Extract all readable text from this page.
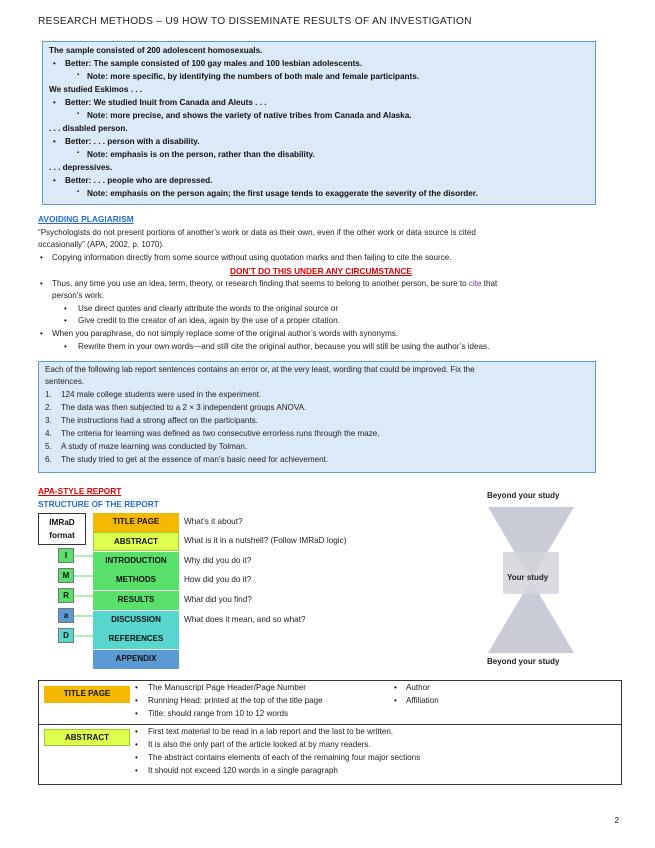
RESEARCH METHODS – U9 HOW TO DISSEMINATE RESULTS OF AN INVESTIGATION
The sample consisted of 200 adolescent homosexuals.
• Better: The sample consisted of 100 gay males and 100 lesbian adolescents.
▪ Note: more specific, by identifying the numbers of both male and female participants.
We studied Eskimos . . .
• Better: We studied Inuit from Canada and Aleuts . . .
▪ Note: more precise, and shows the variety of native tribes from Canada and Alaska.
. . . disabled person.
• Better: . . . person with a disability.
▪ Note: emphasis is on the person, rather than the disability.
. . . depressives.
• Better: . . . people who are depressed.
▪ Note: emphasis on the person again; the first usage tends to exaggerate the severity of the disorder.
AVOIDING PLAGIARISM
“Psychologists do not present portions of another’s work or data as their own, even if the other work or data source is cited
occasionally” (APA, 2002, p. 1070).
• Copying information directly from some source without using quotation marks and then failing to cite the source.
DON’T DO THIS UNDER ANY CIRCUMSTANCE
• Thus, any time you use an idea, term, theory, or research finding that seems to belong to another person, be sure to cite that
person’s work.
• Use direct quotes and clearly attribute the words to the original source or
• Give credit to the creator of an idea, again by the use of a proper citation.
• When you paraphrase, do not simply replace some of the original author’s words with synonyms.
• Rewrite them in your own words—and still cite the original author, because you will still be using the author’s ideas.
Each of the following lab report sentences contains an error or, at the very least, wording that could be improved. Fix the
sentences.
1. 124 male college students were used in the experiment.
2. The data was then subjected to a 2 × 3 independent groups ANOVA.
3. The instructions had a strong affect on the participants.
4. The criteria for learning was defined as two consecutive errorless runs through the maze.
5. A study of maze learning was conducted by Tolman.
6. The study tried to get at the essence of man’s basic need for achievement.
APA-STYLE REPORT
STRUCTURE OF THE REPORT
IMRaD format
I
M
R
a
D
TITLE PAGE
ABSTRACT
INTRODUCTION
METHODS
RESULTS
DISCUSSION
REFERENCES
APPENDIX
What’s it about?
What is it in a nutshell? (Follow IMRaD logic)
Why did you do it?
How did you do it?
What did you find?
What does it mean, and so what?
Beyond your study
Your study
Beyond your study
TITLE PAGE
• The Manuscript Page Header/Page Number
• Running Head: printed at the top of the title page
• Title: should range from 10 to 12 words
• Author
• Affiliation
ABSTRACT
• First text material to be read in a lab report and the last to be written.
• It is also the only part of the article looked at by many readers.
• The abstract contains elements of each of the remaining four major sections
• It should not exceed 120 words in a single paragraph
2
